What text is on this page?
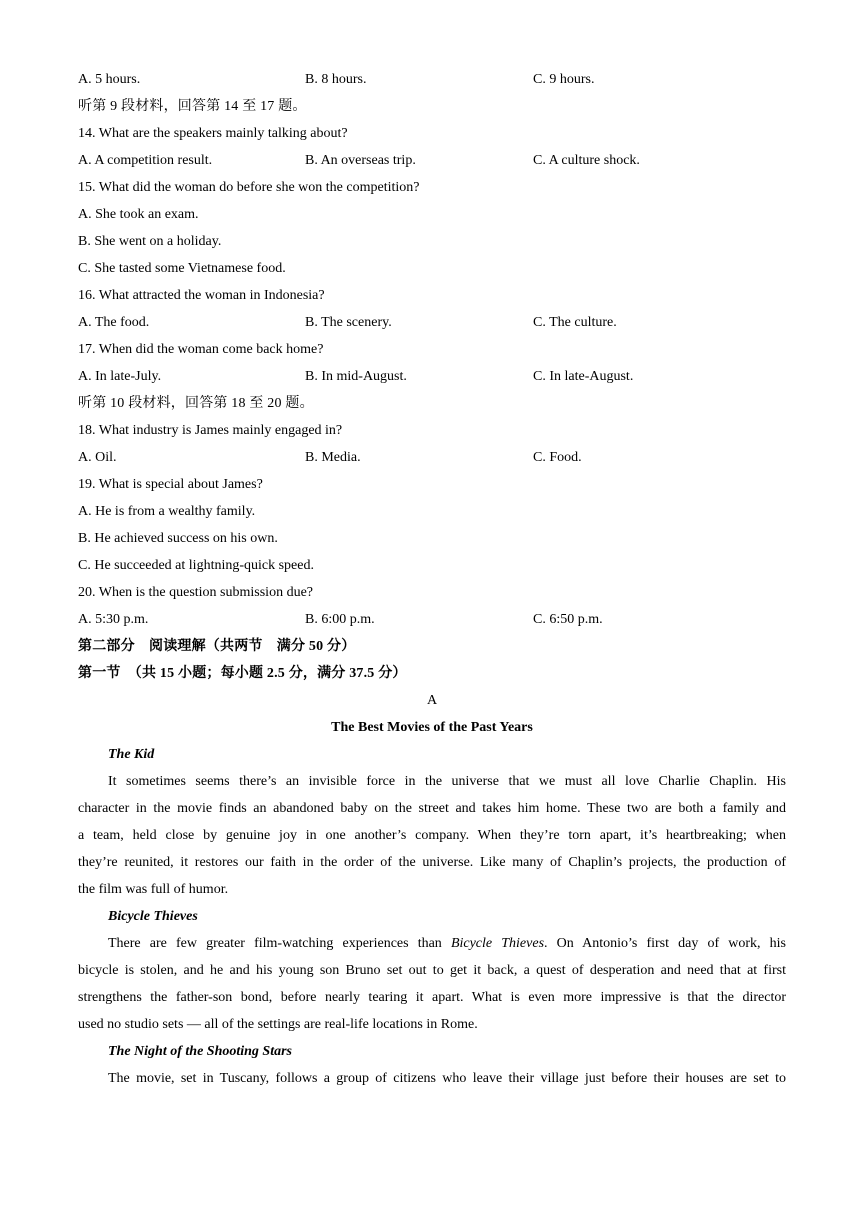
A. 5 hours.	B. 8 hours.	C. 9 hours.
听第 9 段材料，回答第 14 至 17 题。
14. What are the speakers mainly talking about?
A. A competition result.	B. An overseas trip.	C. A culture shock.
15. What did the woman do before she won the competition?
A. She took an exam.
B. She went on a holiday.
C. She tasted some Vietnamese food.
16. What attracted the woman in Indonesia?
A. The food.	B. The scenery.	C. The culture.
17. When did the woman come back home?
A. In late-July.	B. In mid-August.	C. In late-August.
听第 10 段材料，回答第 18 至 20 题。
18. What industry is James mainly engaged in?
A. Oil.	B. Media.	C. Food.
19. What is special about James?
A. He is from a wealthy family.
B. He achieved success on his own.
C. He succeeded at lightning-quick speed.
20. When is the question submission due?
A. 5:30 p.m.	B. 6:00 p.m.	C. 6:50 p.m.
第二部分　阅读理解（共两节　满分 50 分）
第一节　（共 15 小题；每小题 2.5 分，满分 37.5 分）
A
The Best Movies of the Past Years
The Kid
It sometimes seems there’s an invisible force in the universe that we must all love Charlie Chaplin. His
character in the movie finds an abandoned baby on the street and takes him home. These two are both a family and
a team, held close by genuine joy in one another’s company. When they’re torn apart, it’s heartbreaking; when
they’re reunited, it restores our faith in the order of the universe. Like many of Chaplin’s projects, the production of
the film was full of humor.
Bicycle Thieves
There are few greater film-watching experiences than Bicycle Thieves. On Antonio’s first day of work, his
bicycle is stolen, and he and his young son Bruno set out to get it back, a quest of desperation and need that at first
strengthens the father-son bond, before nearly tearing it apart. What is even more impressive is that the director
used no studio sets — all of the settings are real-life locations in Rome.
The Night of the Shooting Stars
The movie, set in Tuscany, follows a group of citizens who leave their village just before their houses are set to
